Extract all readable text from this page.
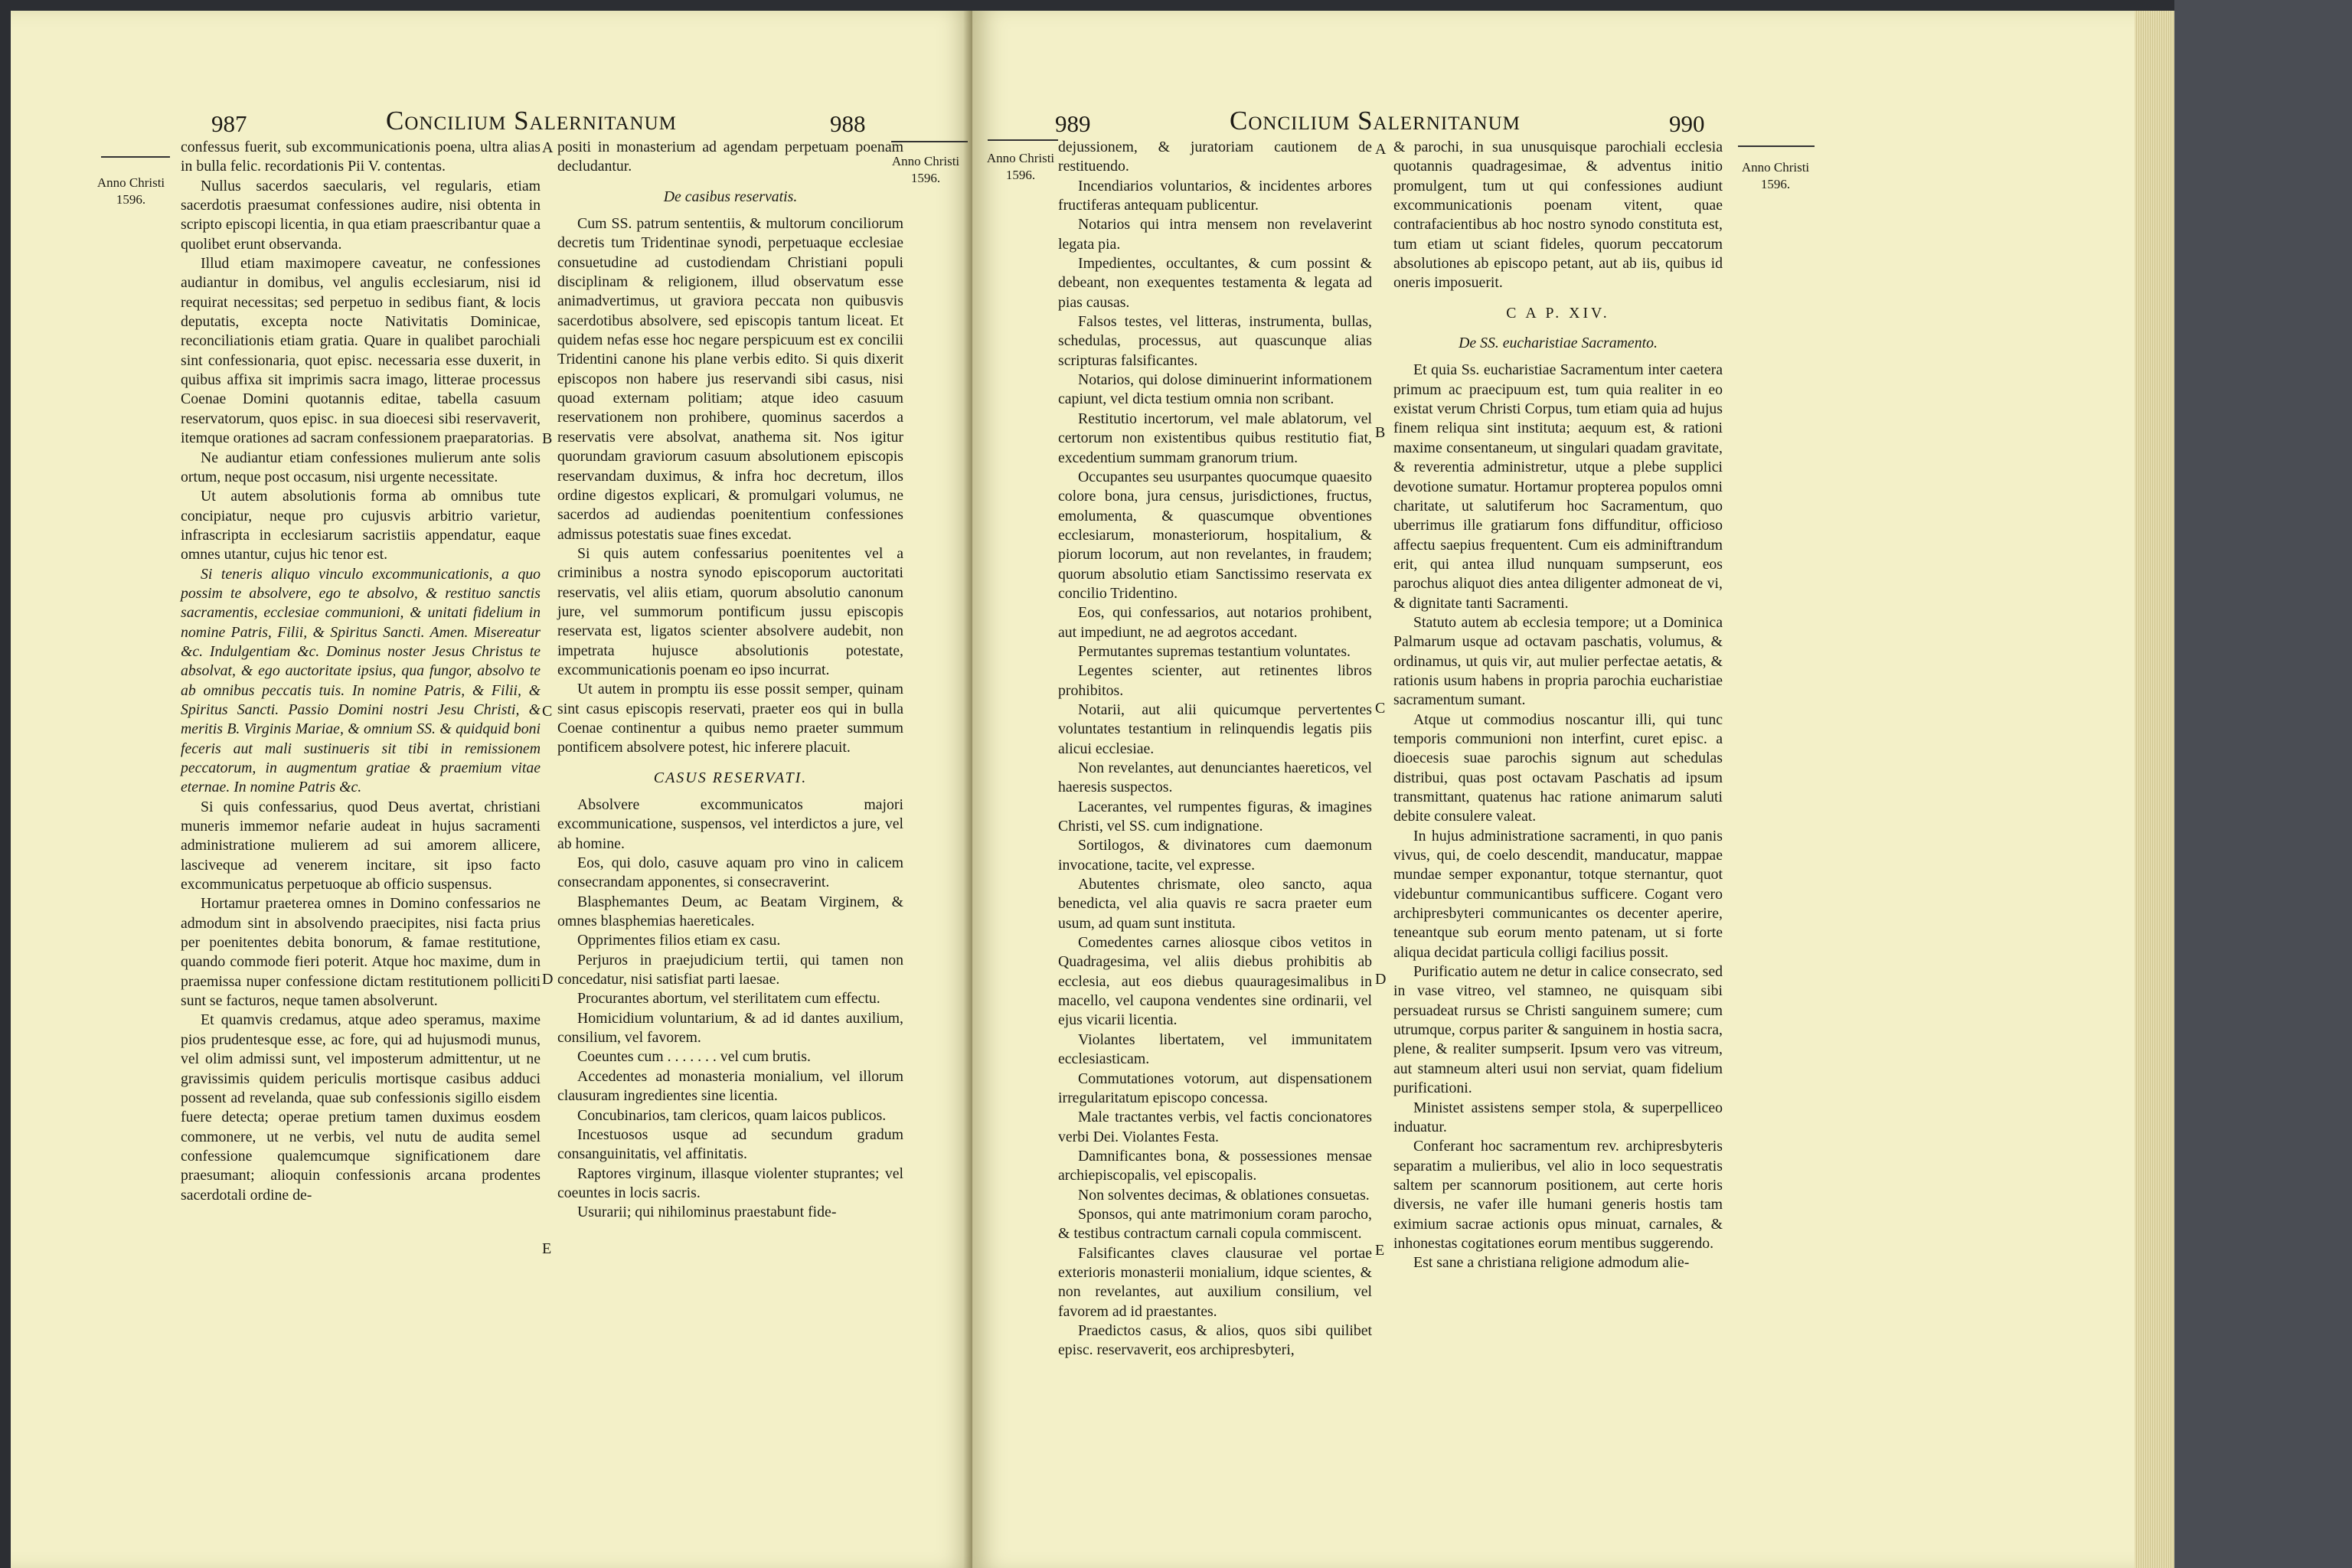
987	Concilium Salernitanum	988
Anno Christi 1596.
Anno Christi 1596.

confessus fuerit, sub excommunicationis poena, ultra alias in bulla felic. recordationis Pii V. contentas.

Nullus sacerdos saecularis, vel regularis, etiam sacerdotis praesumat confessiones audire, nisi obtenta in scripto episcopi licentia, in qua etiam praescribantur quae a quolibet erunt observanda.

Illud etiam maximopere caveatur, ne confessiones audiantur in domibus, vel angulis ecclesiarum, nisi id requirat necessitas; sed perpetuo in sedibus fiant, & locis deputatis, excepta nocte Nativitatis Dominicae, reconciliationis etiam gratia. Quare in qualibet parochiali sint confessionaria, quot episc. necessaria esse duxerit, in quibus affixa sit imprimis sacra imago, litterae processus Coenae Domini quotannis editae, tabella casuum reservatorum, quos episc. in sua dioecesi sibi reservaverit, itemque orationes ad sacram confessionem praeparatorias.

Ne audiantur etiam confessiones mulierum ante solis ortum, neque post occasum, nisi urgente necessitate.

Ut autem absolutionis forma ab omnibus tute concipiatur, neque pro cujusvis arbitrio varietur, infrascripta in ecclesiarum sacristiis appendatur, eaque omnes utantur, cujus hic tenor est.

Si teneris aliquo vinculo excommunicationis, a quo possim te absolvere, ego te absolvo, & restituo sanctis sacramentis, ecclesiae communioni, & unitati fidelium in nomine Patris, Filii, & Spiritus Sancti. Amen. Misereatur &c. Indulgentiam &c. Dominus noster Jesus Christus te absolvat, & ego auctoritate ipsius, qua fungor, absolvo te ab omnibus peccatis tuis. In nomine Patris, & Filii, & Spiritus Sancti. Passio Domini nostri Jesu Christi, & meritis B. Virginis Mariae, & omnium SS. & quidquid boni feceris aut mali sustinueris sit tibi in remissionem peccatorum, in augmentum gratiae & praemium vitae eternae. In nomine Patris &c.

Si quis confessarius, quod Deus avertat, christiani muneris immemor nefarie audeat in hujus sacramenti administratione mulierem ad sui amorem allicere, lasciveque ad venerem incitare, sit ipso facto excommunicatus perpetuoque ab officio suspensus.

Hortamur praeterea omnes in Domino confessarios ne admodum sint in absolvendo praecipites, nisi facta prius per poenitentes debita bonorum, & famae restitutione, quando commode fieri poterit. Atque hoc maxime, dum in praemissa nuper confessione dictam restitutionem polliciti sunt se facturos, neque tamen absolverunt.

Et quamvis credamus, atque adeo speramus, maxime pios prudentesque esse, ac fore, qui ad hujusmodi munus, vel olim admissi sunt, vel imposterum admittentur, ut ne gravissimis quidem periculis mortisque casibus adduci possent ad revelanda, quae sub confessionis sigillo eisdem fuere detecta; operae pretium tamen duximus eosdem commonere, ut ne verbis, vel nutu de audita semel confessione qualemcumque significationem dare praesumant; alioquin confessionis arcana prodentes sacerdotali ordine de-

A
B
C
D
E

positi in monasterium ad agendam perpetuam poenam decludantur.

De casibus reservatis.

Cum SS. patrum sententiis, & multorum conciliorum decretis tum Tridentinae synodi, perpetuaque ecclesiae consuetudine ad custodiendam Christiani populi disciplinam & religionem, illud observatum esse animadvertimus, ut graviora peccata non quibusvis sacerdotibus absolvere, sed episcopis tantum liceat. Et quidem nefas esse hoc negare perspicuum est ex concilii Tridentini canone his plane verbis edito. Si quis dixerit episcopos non habere jus reservandi sibi casus, nisi quoad externam politiam; atque ideo casuum reservationem non prohibere, quominus sacerdos a reservatis vere absolvat, anathema sit. Nos igitur quorundam graviorum casuum absolutionem episcopis reservandam duximus, & infra hoc decretum, illos ordine digestos explicari, & promulgari volumus, ne sacerdos ad audiendas poenitentium confessiones admissus potestatis suae fines excedat.

Si quis autem confessarius poenitentes vel a criminibus a nostra synodo episcoporum auctoritati reservatis, vel aliis etiam, quorum absolutio canonum jure, vel summorum pontificum jussu episcopis reservata est, ligatos scienter absolvere audebit, non impetrata hujusce absolutionis potestate, excommunicationis poenam eo ipso incurrat.

Ut autem in promptu iis esse possit semper, quinam sint casus episcopis reservati, praeter eos qui in bulla Coenae continentur a quibus nemo praeter summum pontificem absolvere potest, hic inferere placuit.

CASUS RESERVATI.

Absolvere excommunicatos majori excommunicatione, suspensos, vel interdictos a jure, vel ab homine.

Eos, qui dolo, casuve aquam pro vino in calicem consecrandam apponentes, si consecraverint.

Blasphemantes Deum, ac Beatam Virginem, & omnes blasphemias haereticales.

Opprimentes filios etiam ex casu.

Perjuros in praejudicium tertii, qui tamen non concedatur, nisi satisfiat parti laesae.

Procurantes abortum, vel sterilitatem cum effectu.

Homicidium voluntarium, & ad id dantes auxilium, consilium, vel favorem.

Coeuntes cum . . . . . . . vel cum brutis.

Accedentes ad monasteria monialium, vel illorum clausuram ingredientes sine licentia.

Concubinarios, tam clericos, quam laicos publicos.

Incestuosos usque ad secundum gradum consanguinitatis, vel affinitatis.

Raptores virginum, illasque violenter stuprantes; vel coeuntes in locis sacris.

Usurarii; qui nihilominus praestabunt fide-

989	Concilium Salernitanum	990
Anno Christi 1596.
Anno Christi 1596.
A
B
C
D
E

dejussionem, & juratoriam cautionem de restituendo.

Incendiarios voluntarios, & incidentes arbores fructiferas antequam publicentur.

Notarios qui intra mensem non revelaverint legata pia.

Impedientes, occultantes, & cum possint & debeant, non exequentes testamenta & legata ad pias causas.

Falsos testes, vel litteras, instrumenta, bullas, schedulas, processus, aut quascunque alias scripturas falsificantes.

Notarios, qui dolose diminuerint informationem capiunt, vel dicta testium omnia non scribant.

Restitutio incertorum, vel male ablatorum, vel certorum non existentibus quibus restitutio fiat, excedentium summam granorum trium.

Occupantes seu usurpantes quocumque quaesito colore bona, jura census, jurisdictiones, fructus, emolumenta, & quascumque obventiones ecclesiarum, monasteriorum, hospitalium, & piorum locorum, aut non revelantes, in fraudem; quorum absolutio etiam Sanctissimo reservata ex concilio Tridentino.

Eos, qui confessarios, aut notarios prohibent, aut impediunt, ne ad aegrotos accedant.

Permutantes supremas testantium voluntates.

Legentes scienter, aut retinentes libros prohibitos.

Notarii, aut alii quicumque pervertentes voluntates testantium in relinquendis legatis piis alicui ecclesiae.

Non revelantes, aut denunciantes haereticos, vel haeresis suspectos.

Lacerantes, vel rumpentes figuras, & imagines Christi, vel SS. cum indignatione.

Sortilogos, & divinatores cum daemonum invocatione, tacite, vel expresse.

Abutentes chrismate, oleo sancto, aqua benedicta, vel alia quavis re sacra praeter eum usum, ad quam sunt instituta.

Comedentes carnes aliosque cibos vetitos in Quadragesima, vel aliis diebus prohibitis ab ecclesia, aut eos diebus quauragesimalibus in macello, vel caupona vendentes sine ordinarii, vel ejus vicarii licentia.

Violantes libertatem, vel immunitatem ecclesiasticam.

Commutationes votorum, aut dispensationem irregularitatum episcopo concessa.

Male tractantes verbis, vel factis concionatores verbi Dei. Violantes Festa.

Damnificantes bona, & possessiones mensae archiepiscopalis, vel episcopalis.

Non solventes decimas, & oblationes consuetas.

Sponsos, qui ante matrimonium coram parocho, & testibus contractum carnali copula commiscent.

Falsificantes claves clausurae vel portae exterioris monasterii monialium, idque scientes, & non revelantes, aut auxilium consilium, vel favorem ad id praestantes.

Praedictos casus, & alios, quos sibi quilibet episc. reservaverit, eos archipresbyteri,

& parochi, in sua unusquisque parochiali ecclesia quotannis quadragesimae, & adventus initio promulgent, tum ut qui confessiones audiunt excommunicationis poenam vitent, quae contrafacientibus ab hoc nostro synodo constituta est, tum etiam ut sciant fideles, quorum peccatorum absolutiones ab episcopo petant, aut ab iis, quibus id oneris imposuerit.

C A P. XIV.
De SS. eucharistiae Sacramento.

Et quia Ss. eucharistiae Sacramentum inter caetera primum ac praecipuum est, tum quia realiter in eo existat verum Christi Corpus, tum etiam quia ad hujus finem reliqua sint instituta; aequum est, & rationi maxime consentaneum, ut singulari quadam gravitate, & reverentia administretur, utque a plebe supplici devotione sumatur. Hortamur propterea populos omni charitate, ut salutiferum hoc Sacramentum, quo uberrimus ille gratiarum fons diffunditur, officioso affectu saepius frequentent. Cum eis adminiftrandum erit, qui antea illud nunquam sumpserunt, eos parochus aliquot dies antea diligenter admoneat de vi, & dignitate tanti Sacramenti.

Statuto autem ab ecclesia tempore; ut a Dominica Palmarum usque ad octavam paschatis, volumus, & ordinamus, ut quis vir, aut mulier perfectae aetatis, & rationis usum habens in propria parochia eucharistiae sacramentum sumant.

Atque ut commodius noscantur illi, qui tunc temporis communioni non interfint, curet episc. a dioecesis suae parochis signum aut schedulas distribui, quas post octavam Paschatis ad ipsum transmittant, quatenus hac ratione animarum saluti debite consulere valeat.

In hujus administratione sacramenti, in quo panis vivus, qui, de coelo descendit, manducatur, mappae mundae semper exponantur, totque sternantur, quot videbuntur communicantibus sufficere. Cogant vero archipresbyteri communicantes os decenter aperire, teneantque sub eorum mento patenam, ut si forte aliqua decidat particula colligi facilius possit.

Purificatio autem ne detur in calice consecrato, sed in vase vitreo, vel stamneo, ne quisquam sibi persuadeat rursus se Christi sanguinem sumere; cum utrumque, corpus pariter & sanguinem in hostia sacra, plene, & realiter sumpserit. Ipsum vero vas vitreum, aut stamneum alteri usui non serviat, quam fidelium purificationi.

Ministet assistens semper stola, & superpelliceo induatur.

Conferant hoc sacramentum rev. archipresbyteris separatim a mulieribus, vel alio in loco sequestratis saltem per scannorum positionem, aut certe horis diversis, ne vafer ille humani generis hostis tam eximium sacrae actionis opus minuat, carnales, & inhonestas cogitationes eorum mentibus suggerendo.

Est sane a christiana religione admodum alie-
